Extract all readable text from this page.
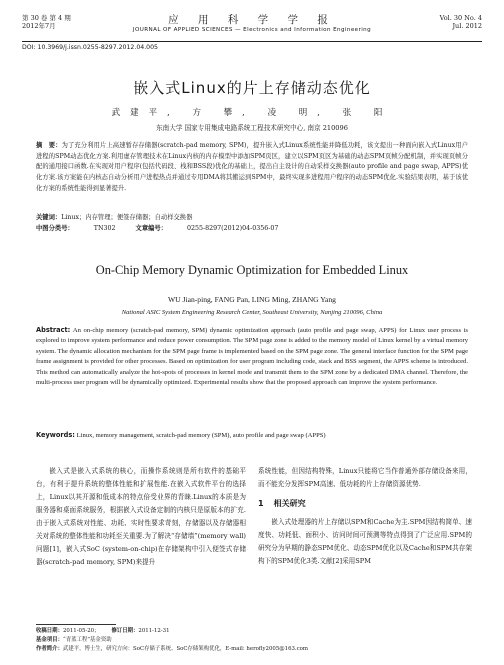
第 30 卷 第 4 期
2012年7月	应 用 科 学 学 报
JOURNAL OF APPLIED SCIENCES — Electronics and Information Engineering
Vol. 30 No. 4
Jul. 2012
DOI: 10.3969/j.issn.0255-8297.2012.04.005
嵌入式Linux的片上存储动态优化
武建平, 方 攀, 凌 明, 张 阳
东南大学 国家专用集成电路系统工程技术研究中心, 南京 210096
摘　要：为了充分利用片上高速暂存存储器(scratch-pad memory, SPM)，提升嵌入式Linux系统性能并降低功耗，该文提出一种面向嵌入式Linux用户进程的SPM动态优化方案.利用虚存管理技术在Linux内核的内存模型中添加SPM页区，建立以SPM页区为基础的动态SPM页帧分配机制，并实现页帧分配的通用接口函数.在实现对用户程序(包括代码段、栈和BSS段)优化的基础上，提出自主设计的自动采样交换器(auto profile and page swap, APPS)优化方案.该方案能在内核态自动分析用户进程热点并通过专用DMA将其搬运到SPM中，最终实现多进程用户程序的动态SPM优化.实验结果表明，基于该优化方案的系统性能得到显著提升.
关键词：Linux；内存管理；便签存储器；自动样交换器
中图分类号：	TN302	文章编号：	0255-8297(2012)04-0356-07
On-Chip Memory Dynamic Optimization for Embedded Linux
WU Jian-ping, FANG Pan, LING Ming, ZHANG Yang
National ASIC System Engineering Research Center, Southeast University, Nanjing 210096, China
Abstract: An on-chip memory (scratch-pad memory, SPM) dynamic optimization approach (auto profile and page swap, APPS) for Linux user process is explored to improve system performance and reduce power consumption. The SPM page zone is added to the memory model of Linux kernel by a virtual memory system. The dynamic allocation mechanism for the SPM page frame is implemented based on the SPM page zone. The general interface function for the SPM page frame assignment is provided for other processes. Based on optimization for user program including code, stack and BSS segment, the APPS scheme is introduced. This method can automatically analyze the hot-spots of processes in kernel mode and transmit them to the SPM zone by a dedicated DMA channel. Therefore, the multi-process user program will be dynamically optimized. Experimental results show that the proposed approach can improve the system performance.
Keywords: Linux, memory management, scratch-pad memory (SPM), auto profile and page swap (APPS)

嵌入式是嵌入式系统的核心，而操作系统则是所有软件的基础平台，有利于提升系统的整体性能和扩展性能.在嵌入式软件平台的选择上，Linux以其开源和低成本的特点倍受业界的青睐.Linux的本质是为服务器和桌面系统服务，根据嵌入式设备定制的内核只是原版本的扩充.由于嵌入式系统对性能、功耗、实时性要求苛刻，存储器以及存储器相关对系统的整体性能和功耗至关重要.为了解决“存储墙”(memory wall)问题[1]，嵌入式SoC (system-on-chip)在存储架构中引入便签式存储器(scratch-pad memory, SPM)来提升

系统性能，但因结构特殊，Linux只能将它当作普通外部存储设备来用，而不能充分发挥SPM高速、低功耗的片上存储资源优势.

1 相关研究

嵌入式处理器的片上存储以SPM和Cache为主.SPM因结构简单、速度快、功耗低、面积小、访问时间可预测等特点得到了广泛应用.SPM的研究分为早期的静态SPM优化、动态SPM优化以及Cache和SPM共存架构下的SPM优化3类.文献[2]采用SPM

收稿日期：2011-05-20； 修订日期：2011-12-31
基金项目：“青蓝工程”基金资助
作者简介：武建平，博士生，研究方向：SoC存储子系统、SoC存储架构优化，E-mail: herofly2005@163.com
